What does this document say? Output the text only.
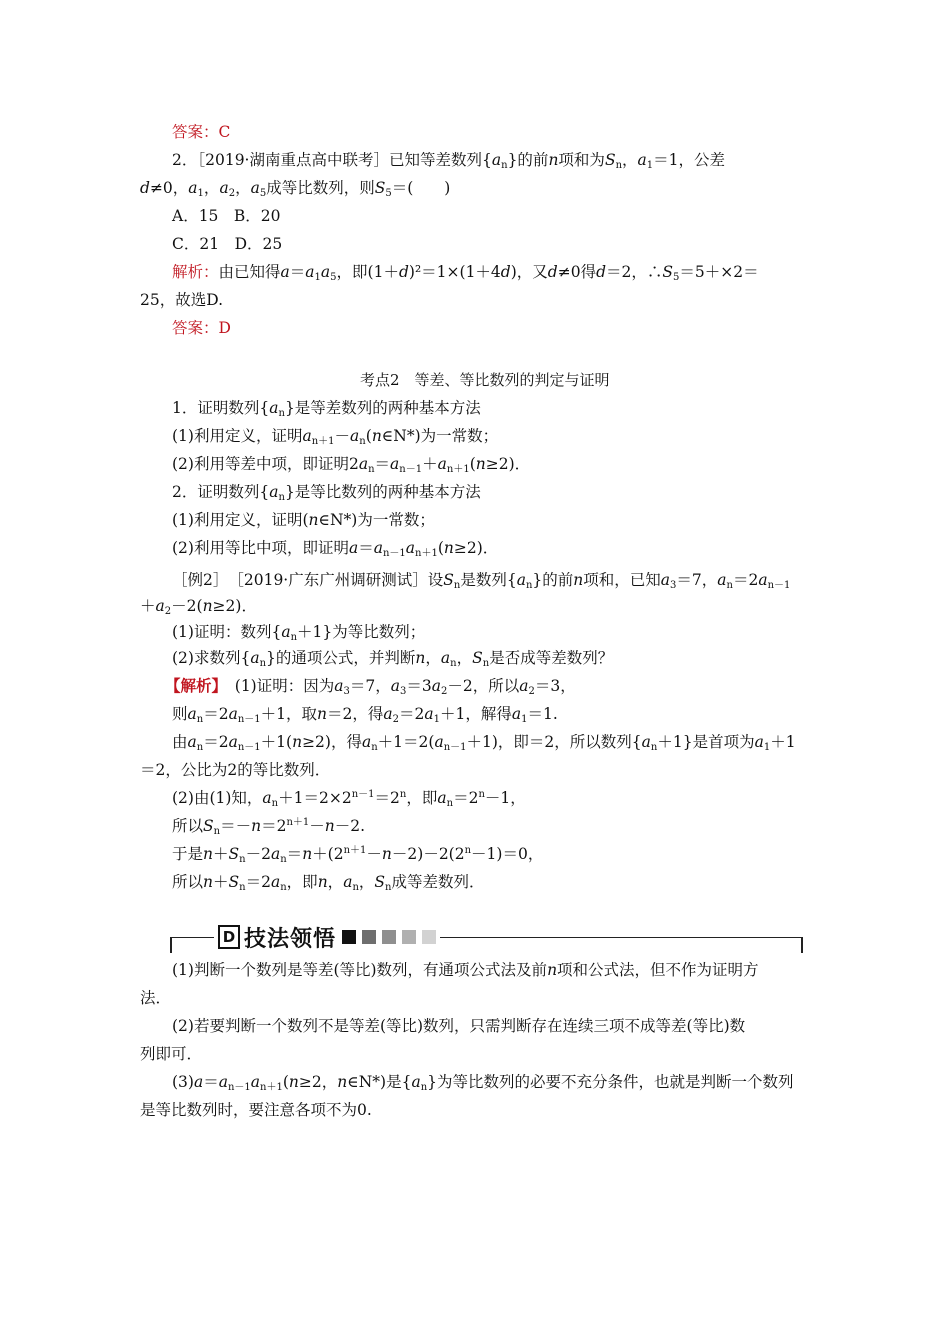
答案：C
2．［2019·湖南重点高中联考］已知等差数列$\{a_n\}$的前n项和为$S_n$，$a_1=1$，公差
d≠0，$a_1$，$a_2$，$a_5$成等比数列，则$S_5=$(　　)
A．15　B．20
C．21　D．25
解析：由已知得$a=a_1a_5$，即(1＋d)²＝1×(1＋4d)，又d≠0得d＝2，$\therefore S_5=5+\times 2=$
25，故选D.
答案：D
考点2　等差、等比数列的判定与证明
1．证明数列$\{a_n\}$是等差数列的两种基本方法
(1)利用定义，证明$a_{n+1}-a_n(n\in N*)$为一常数；
(2)利用等差中项，即证明$2a_n=a_{n-1}+a_{n+1}(n\ge 2)$．
2．证明数列$\{a_n\}$是等比数列的两种基本方法
(1)利用定义，证明(n∈N*)为一常数；
(2)利用等比中项，即证明$a=a_{n-1}a_{n+1}(n\ge 2)$．
［例2］　［2019·广东广州调研测试］设$S_n$是数列$\{a_n\}$的前n项和，已知$a_3=7$，$a_n=2a_{n-1}$
$+a_2-2(n\ge 2)$．
(1)证明：数列$\{a_n+1\}$为等比数列；
(2)求数列$\{a_n\}$的通项公式，并判断n，$a_n$，$S_n$是否成等差数列？
【解析】　(1)证明：因为$a_3=7$，$a_3=3a_2-2$，所以$a_2=3$，
则$a_n=2a_{n-1}+1$，取n＝2，得$a_2=2a_1+1$，解得$a_1=1$.
由$a_n=2a_{n-1}+1(n\ge 2)$，得$a_n+1=2(a_{n-1}+1)$，即＝2，所以数列$\{a_n+1\}$是首项为$a_1+1$
＝2，公比为2的等比数列．
(2)由(1)知，$a_n+1=2\times 2^{n-1}=2^n$，即$a_n=2^n-1$，
所以$S_n=-n=2^{n+1}-n-2$.
于是$n+S_n-2a_n=n+(2^{n+1}-n-2)-2(2^n-1)=0$，
所以$n+S_n=2a_n$，即n，$a_n$，$S_n$成等差数列．
D 技法领悟
(1)判断一个数列是等差(等比)数列，有通项公式法及前n项和公式法，但不作为证明方
法．
(2)若要判断一个数列不是等差(等比)数列，只需判断存在连续三项不成等差(等比)数
列即可．
$(3)a=a_{n-1}a_{n+1}(n\ge 2$，n∈N*)是$\{a_n\}$为等比数列的必要不充分条件，也就是判断一个数列
是等比数列时，要注意各项不为0.
